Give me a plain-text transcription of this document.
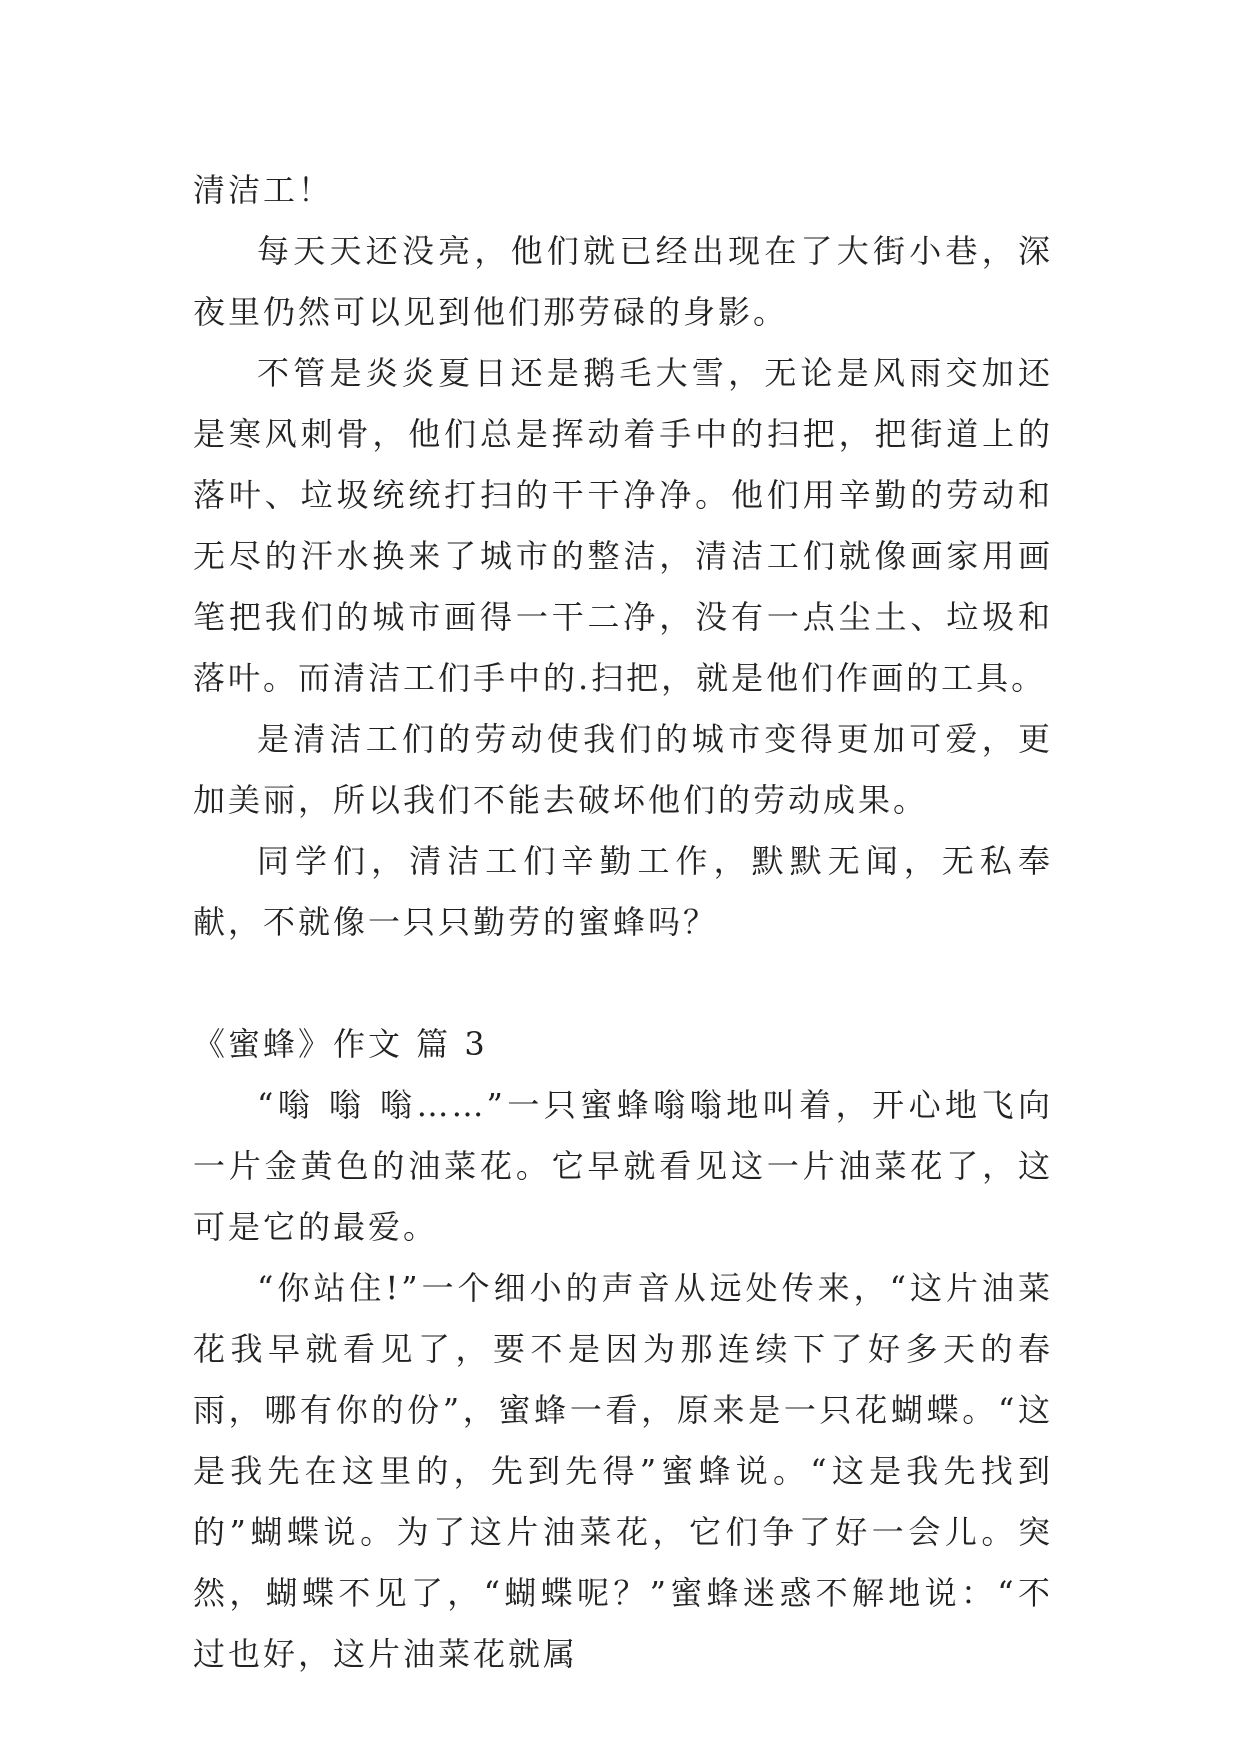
清洁工！

每天天还没亮，他们就已经出现在了大街小巷，深夜里仍然可以见到他们那劳碌的身影。

不管是炎炎夏日还是鹅毛大雪，无论是风雨交加还是寒风刺骨，他们总是挥动着手中的扫把，把街道上的落叶、垃圾统统打扫的干干净净。他们用辛勤的劳动和无尽的汗水换来了城市的整洁，清洁工们就像画家用画笔把我们的城市画得一干二净，没有一点尘土、垃圾和落叶。而清洁工们手中的.扫把，就是他们作画的工具。

是清洁工们的劳动使我们的城市变得更加可爱，更加美丽，所以我们不能去破坏他们的劳动成果。

同学们，清洁工们辛勤工作，默默无闻，无私奉献，不就像一只只勤劳的蜜蜂吗？

《蜜蜂》作文 篇 3

“嗡 嗡 嗡……”一只蜜蜂嗡嗡地叫着，开心地飞向一片金黄色的油菜花。它早就看见这一片油菜花了，这可是它的最爱。

“你站住!”一个细小的声音从远处传来，“这片油菜花我早就看见了，要不是因为那连续下了好多天的春雨，哪有你的份”，蜜蜂一看，原来是一只花蝴蝶。“这是我先在这里的，先到先得”蜜蜂说。“这是我先找到的”蝴蝶说。为了这片油菜花，它们争了好一会儿。突然，蝴蝶不见了，“蝴蝶呢？”蜜蜂迷惑不解地说：“不过也好，这片油菜花就属
